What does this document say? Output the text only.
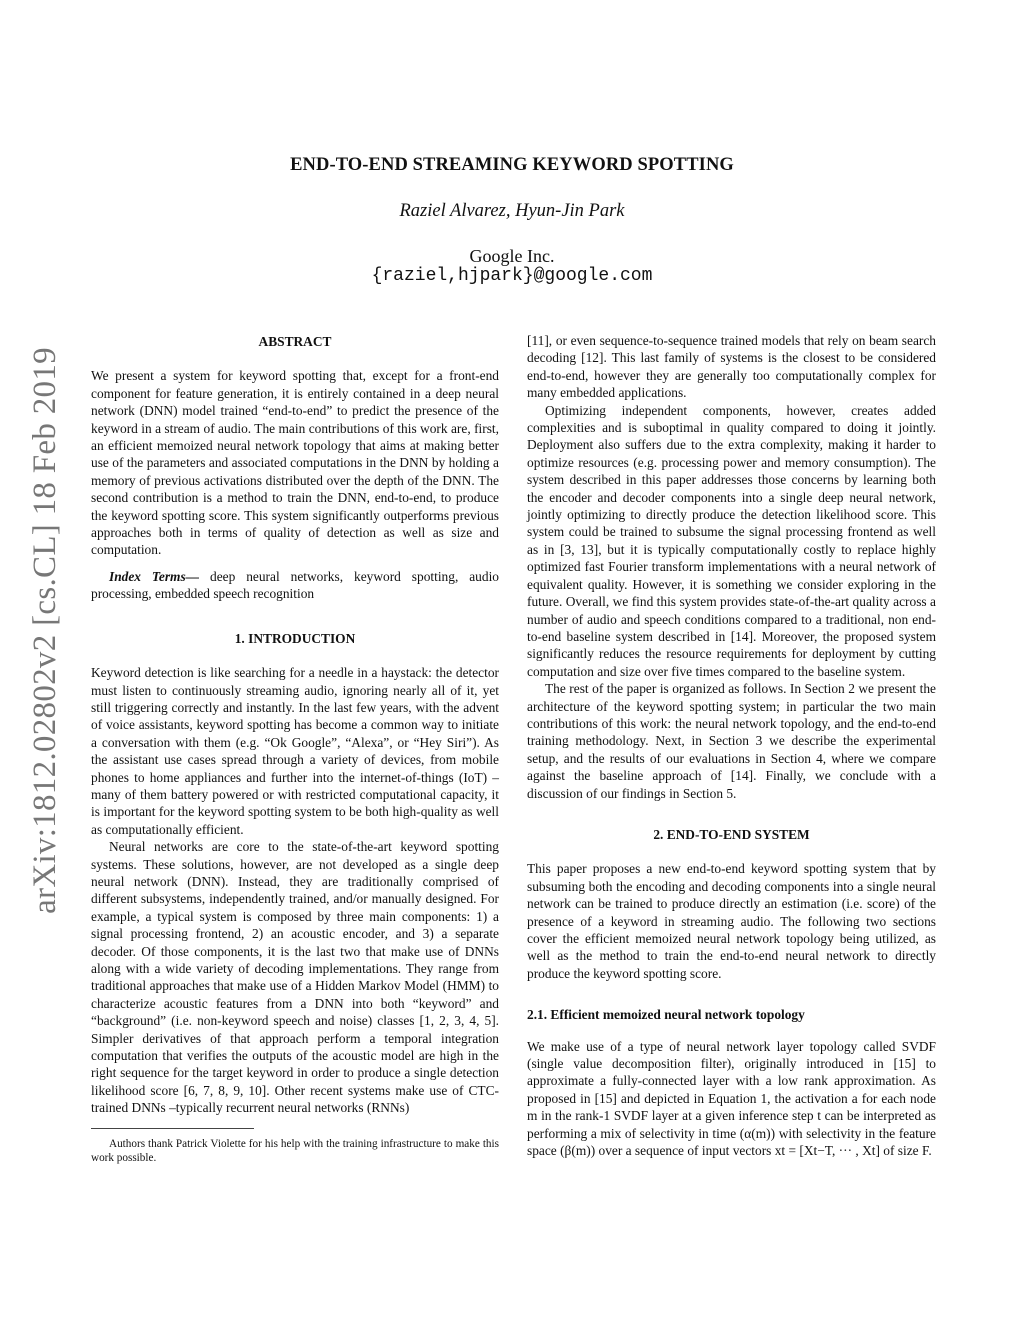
arXiv:1812.02802v2 [cs.CL] 18 Feb 2019
END-TO-END STREAMING KEYWORD SPOTTING
Raziel Alvarez, Hyun-Jin Park
Google Inc.
{raziel,hjpark}@google.com
ABSTRACT

We present a system for keyword spotting that, except for a front-end component for feature generation, it is entirely contained in a deep neural network (DNN) model trained “end-to-end” to predict the presence of the keyword in a stream of audio. The main contributions of this work are, first, an efficient memoized neural network topology that aims at making better use of the parameters and associated computations in the DNN by holding a memory of previous activations distributed over the depth of the DNN. The second contribution is a method to train the DNN, end-to-end, to produce the keyword spotting score. This system significantly outperforms previous approaches both in terms of quality of detection as well as size and computation.

Index Terms— deep neural networks, keyword spotting, audio processing, embedded speech recognition

1. INTRODUCTION

Keyword detection is like searching for a needle in a haystack: the detector must listen to continuously streaming audio, ignoring nearly all of it, yet still triggering correctly and instantly. In the last few years, with the advent of voice assistants, keyword spotting has become a common way to initiate a conversation with them (e.g. “Ok Google”, “Alexa”, or “Hey Siri”). As the assistant use cases spread through a variety of devices, from mobile phones to home appliances and further into the internet-of-things (IoT) –many of them battery powered or with restricted computational capacity, it is important for the keyword spotting system to be both high-quality as well as computationally efficient.

Neural networks are core to the state-of-the-art keyword spotting systems. These solutions, however, are not developed as a single deep neural network (DNN). Instead, they are traditionally comprised of different subsystems, independently trained, and/or manually designed. For example, a typical system is composed by three main components: 1) a signal processing frontend, 2) an acoustic encoder, and 3) a separate decoder. Of those components, it is the last two that make use of DNNs along with a wide variety of decoding implementations. They range from traditional approaches that make use of a Hidden Markov Model (HMM) to characterize acoustic features from a DNN into both “keyword” and “background” (i.e. non-keyword speech and noise) classes [1, 2, 3, 4, 5]. Simpler derivatives of that approach perform a temporal integration computation that verifies the outputs of the acoustic model are high in the right sequence for the target keyword in order to produce a single detection likelihood score [6, 7, 8, 9, 10]. Other recent systems make use of CTC-trained DNNs –typically recurrent neural networks (RNNs)

Authors thank Patrick Violette for his help with the training infrastructure to make this work possible.

[11], or even sequence-to-sequence trained models that rely on beam search decoding [12]. This last family of systems is the closest to be considered end-to-end, however they are generally too computationally complex for many embedded applications.

Optimizing independent components, however, creates added complexities and is suboptimal in quality compared to doing it jointly. Deployment also suffers due to the extra complexity, making it harder to optimize resources (e.g. processing power and memory consumption). The system described in this paper addresses those concerns by learning both the encoder and decoder components into a single deep neural network, jointly optimizing to directly produce the detection likelihood score. This system could be trained to subsume the signal processing frontend as well as in [3, 13], but it is typically computationally costly to replace highly optimized fast Fourier transform implementations with a neural network of equivalent quality. However, it is something we consider exploring in the future. Overall, we find this system provides state-of-the-art quality across a number of audio and speech conditions compared to a traditional, non end-to-end baseline system described in [14]. Moreover, the proposed system significantly reduces the resource requirements for deployment by cutting computation and size over five times compared to the baseline system.

The rest of the paper is organized as follows. In Section 2 we present the architecture of the keyword spotting system; in particular the two main contributions of this work: the neural network topology, and the end-to-end training methodology. Next, in Section 3 we describe the experimental setup, and the results of our evaluations in Section 4, where we compare against the baseline approach of [14]. Finally, we conclude with a discussion of our findings in Section 5.

2. END-TO-END SYSTEM

This paper proposes a new end-to-end keyword spotting system that by subsuming both the encoding and decoding components into a single neural network can be trained to produce directly an estimation (i.e. score) of the presence of a keyword in streaming audio. The following two sections cover the efficient memoized neural network topology being utilized, as well as the method to train the end-to-end neural network to directly produce the keyword spotting score.

2.1. Efficient memoized neural network topology

We make use of a type of neural network layer topology called SVDF (single value decomposition filter), originally introduced in [15] to approximate a fully-connected layer with a low rank approximation. As proposed in [15] and depicted in Equation 1, the activation a for each node m in the rank-1 SVDF layer at a given inference step t can be interpreted as performing a mix of selectivity in time (α(m)) with selectivity in the feature space (β(m)) over a sequence of input vectors xt = [Xt−T, ··· , Xt] of size F.
